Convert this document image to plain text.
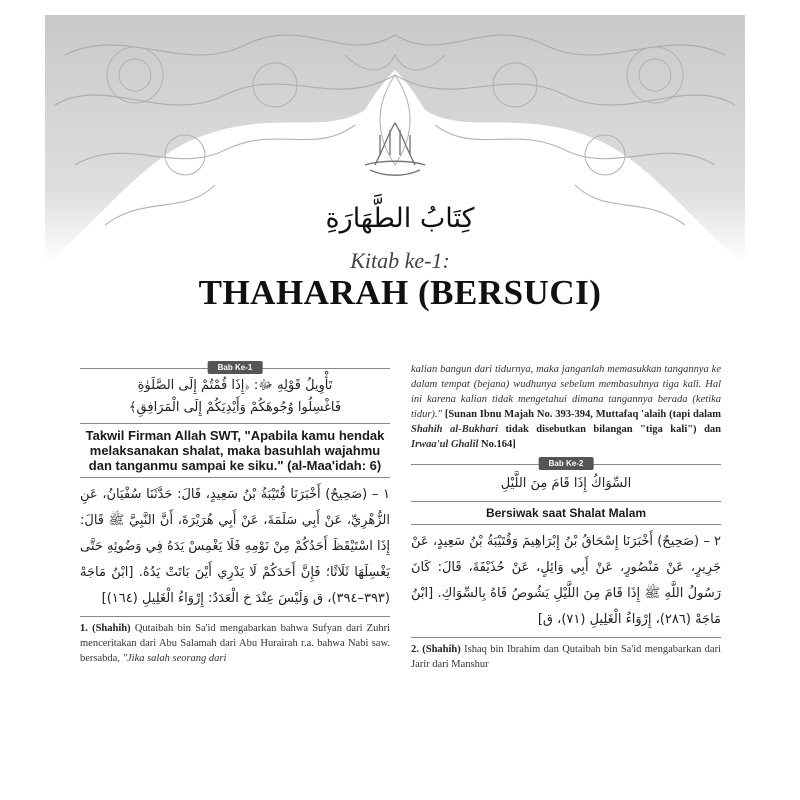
كِتَابُ الطَّهَارَةِ
Kitab ke-1:
THAHARAH (BERSUCI)
Bab Ke-1
تَأْوِيلُ قَوْلِهِ ﷻ: ﴿إِذَا قُمْتُمْ إِلَى الصَّلَوٰةِ
فَاغْسِلُوا وُجُوهَكُمْ وَأَيْدِيَكُمْ إِلَى الْمَرَافِقِ﴾
Takwil Firman Allah SWT, "Apabila kamu hendak melaksanakan shalat, maka basuhlah wajahmu dan tanganmu sampai ke siku." (al-Maa'idah: 6)
١ – (صَحِيحٌ) أَخْبَرَنَا قُتَيْبَةُ بْنُ سَعِيدٍ، قَالَ: حَدَّثَنَا سُفْيَانُ، عَنِ الزُّهْرِيِّ، عَنْ أَبِي سَلَمَةَ، عَنْ أَبِي هُرَيْرَةَ، أَنَّ النَّبِيَّ ﷺ قَالَ: إِذَا اسْتَيْقَظَ أَحَدُكُمْ مِنْ نَوْمِهِ فَلَا يَغْمِسْ يَدَهُ فِي وَضُوئِهِ حَتَّى يَغْسِلَهَا ثَلَاثًا؛ فَإِنَّ أَحَدَكُمْ لَا يَدْرِي أَيْنَ بَاتَتْ يَدُهُ. [ابْنُ مَاجَهْ (٣٩٣–٣٩٤)، ق وَلَيْسَ عِنْدَ خ الْعَدَدُ: إِرْوَاءُ الْغَلِيلِ (١٦٤)]
1. (Shahih) Qutaibah bin Sa'id mengabarkan bahwa Sufyan dari Zuhri menceritakan dari Abu Salamah dari Abu Hurairah r.a. bahwa Nabi saw. bersabda, "Jika salah seorang dari
kalian bangun dari tidurnya, maka janganlah memasukkan tangannya ke dalam tempat (bejana) wudhunya sebelum membasuhnya tiga kali. Hal ini karena kalian tidak mengetahui dimana tangannya berada (ketika tidur)." [Sunan Ibnu Majah No. 393-394, Muttafaq 'alaih (tapi dalam Shahih al-Bukhari tidak disebutkan bilangan "tiga kali") dan Irwaa'ul Ghalil No.164]
Bab Ke-2
السِّوَاكُ إِذَا قَامَ مِنَ اللَّيْلِ
Bersiwak saat Shalat Malam
٢ – (صَحِيحٌ) أَخْبَرَنَا إِسْحَاقُ بْنُ إِبْرَاهِيمَ وَقُتَيْبَةُ بْنُ سَعِيدٍ، عَنْ جَرِيرٍ، عَنْ مَنْصُورٍ، عَنْ أَبِي وَائِلٍ، عَنْ حُذَيْفَةَ، قَالَ: كَانَ رَسُولُ اللَّهِ ﷺ إِذَا قَامَ مِنَ اللَّيْلِ يَشُوصُ فَاهُ بِالسِّوَاكِ. [ابْنُ مَاجَهْ (٢٨٦)، إِرْوَاءُ الْغَلِيلِ (٧١)، ق]
2. (Shahih) Ishaq bin Ibrahim dan Qutaibah bin Sa'id mengabarkan dari Jarir dari Manshur
